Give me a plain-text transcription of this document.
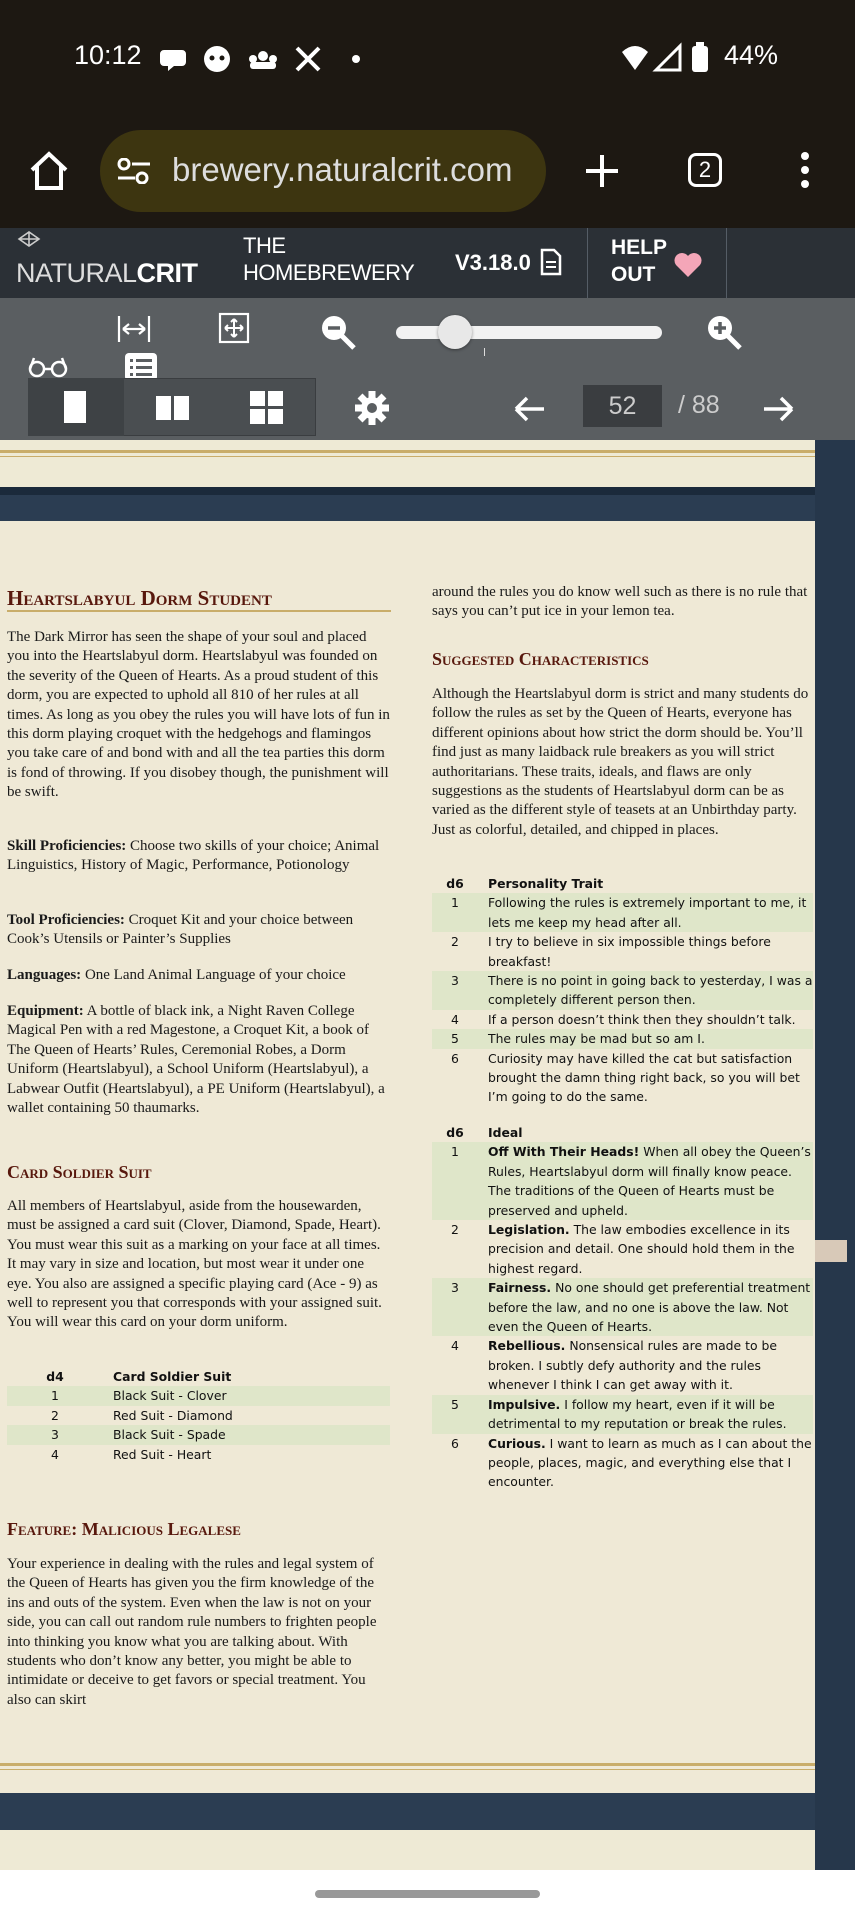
10:12	44%
brewery.naturalcrit.com	2
NATURALCRIT
THE
HOMEBREWERY V3.18.0
HELP
OUT
52	/ 88
Heartslabyul Dorm Student

The Dark Mirror has seen the shape of your soul and placed you into the Heartslabyul dorm. Heartslabyul was founded on the severity of the Queen of Hearts. As a proud student of this dorm, you are expected to uphold all 810 of her rules at all times. As long as you obey the rules you will have lots of fun in this dorm playing croquet with the hedgehogs and flamingos you take care of and bond with and all the tea parties this dorm is fond of throwing. If you disobey though, the punishment will be swift.

Skill Proficiencies: Choose two skills of your choice; Animal Linguistics, History of Magic, Performance, Potionology

Tool Proficiencies: Croquet Kit and your choice between Cook’s Utensils or Painter’s Supplies

Languages: One Land Animal Language of your choice

Equipment: A bottle of black ink, a Night Raven College Magical Pen with a red Magestone, a Croquet Kit, a book of The Queen of Hearts’ Rules, Ceremonial Robes, a Dorm Uniform (Heartslabyul), a School Uniform (Heartslabyul), a Labwear Outfit (Heartslabyul), a PE Uniform (Heartslabyul), a wallet containing 50 thaumarks.

Card Soldier Suit

All members of Heartslabyul, aside from the housewarden, must be assigned a card suit (Clover, Diamond, Spade, Heart). You must wear this suit as a marking on your face at all times. It may vary in size and location, but most wear it under one eye. You also are assigned a specific playing card (Ace - 9) as well to represent you that corresponds with your assigned suit. You will wear this card on your dorm uniform.

d4	Card Soldier Suit
1	Black Suit - Clover
2	Red Suit - Diamond
3	Black Suit - Spade
4	Red Suit - Heart
Feature: Malicious Legalese

Your experience in dealing with the rules and legal system of the Queen of Hearts has given you the firm knowledge of the ins and outs of the system. Even when the law is not on your side, you can call out random rule numbers to frighten people into thinking you know what you are talking about. With students who don’t know any better, you might be able to intimidate or deceive to get favors or special treatment. You also can skirt

around the rules you do know well such as there is no rule that says you can’t put ice in your lemon tea.

Suggested Characteristics

Although the Heartslabyul dorm is strict and many students do follow the rules as set by the Queen of Hearts, everyone has different opinions about how strict the dorm should be. You’ll find just as many laidback rule breakers as you will strict authoritarians. These traits, ideals, and flaws are only suggestions as the students of Heartslabyul dorm can be as varied as the different style of teasets at an Unbirthday party. Just as colorful, detailed, and chipped in places.

d6	Personality Trait
1	Following the rules is extremely important to me, it lets me keep my head after all.
2	I try to believe in six impossible things before breakfast!
3	There is no point in going back to yesterday, I was a completely different person then.
4	If a person doesn’t think then they shouldn’t talk.
5	The rules may be mad but so am I.
6	Curiosity may have killed the cat but satisfaction brought the damn thing right back, so you will bet I’m going to do the same.
d6	Ideal
1	Off With Their Heads! When all obey the Queen’s Rules, Heartslabyul dorm will finally know peace. The traditions of the Queen of Hearts must be preserved and upheld.
2	Legislation. The law embodies excellence in its precision and detail. One should hold them in the highest regard.
3	Fairness. No one should get preferential treatment before the law, and no one is above the law. Not even the Queen of Hearts.
4	Rebellious. Nonsensical rules are made to be broken. I subtly defy authority and the rules whenever I think I can get away with it.
5	Impulsive. I follow my heart, even if it will be detrimental to my reputation or break the rules.
6	Curious. I want to learn as much as I can about the people, places, magic, and everything else that I encounter.
